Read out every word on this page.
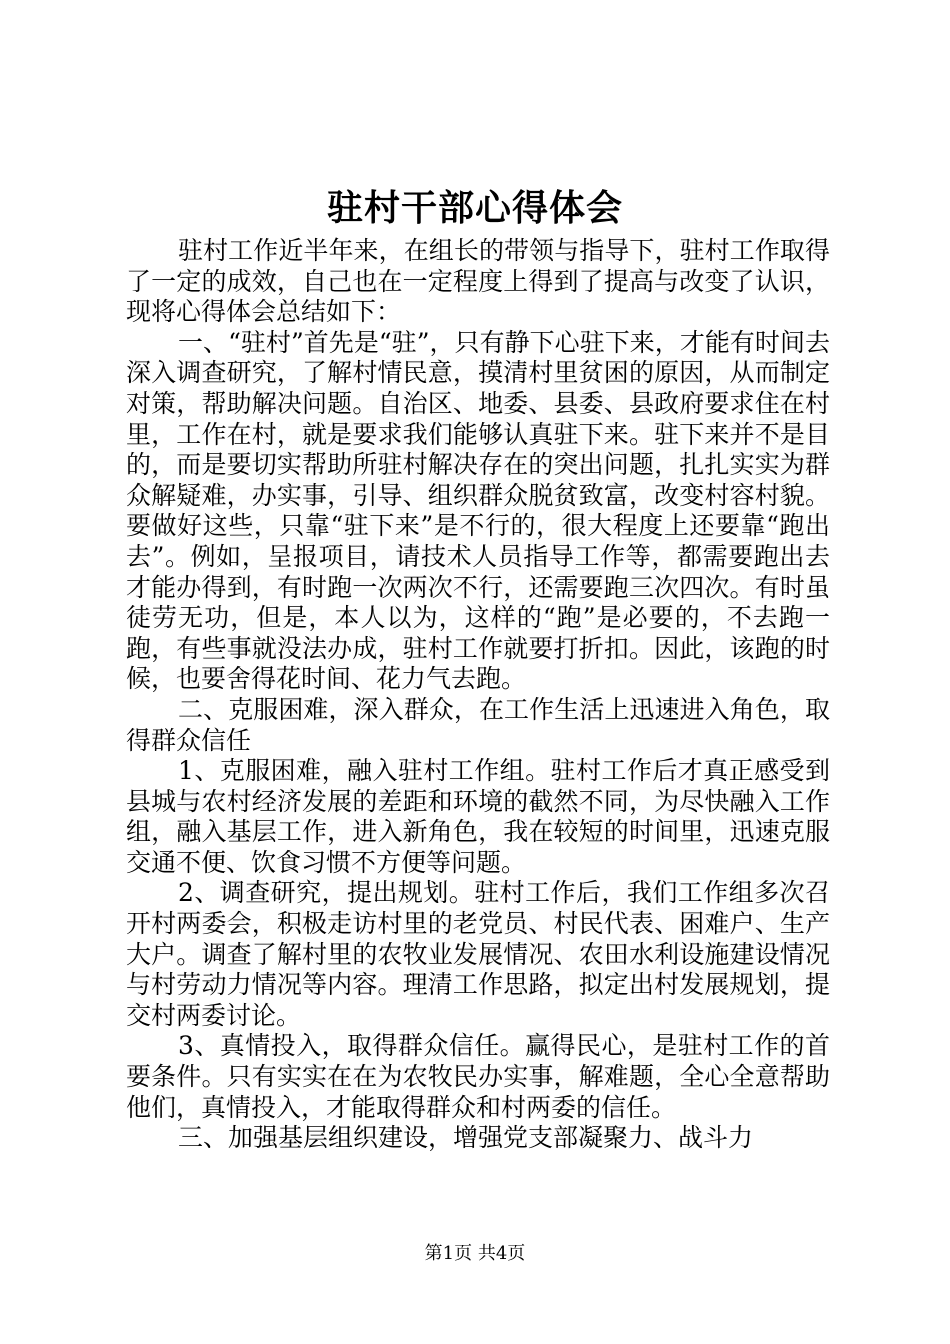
驻村干部心得体会

驻村工作近半年来，在组长的带领与指导下，驻村工作取得了一定的成效，自己也在一定程度上得到了提高与改变了认识，现将心得体会总结如下：

一、“驻村”首先是“驻”，只有静下心驻下来，才能有时间去深入调查研究，了解村情民意，摸清村里贫困的原因，从而制定对策，帮助解决问题。自治区、地委、县委、县政府要求住在村里，工作在村，就是要求我们能够认真驻下来。驻下来并不是目的，而是要切实帮助所驻村解决存在的突出问题，扎扎实实为群众解疑难，办实事，引导、组织群众脱贫致富，改变村容村貌。要做好这些，只靠“驻下来”是不行的，很大程度上还要靠“跑出去”。例如，呈报项目，请技术人员指导工作等，都需要跑出去才能办得到，有时跑一次两次不行，还需要跑三次四次。有时虽徒劳无功，但是，本人以为，这样的“跑”是必要的，不去跑一跑，有些事就没法办成，驻村工作就要打折扣。因此，该跑的时候，也要舍得花时间、花力气去跑。

二、克服困难，深入群众，在工作生活上迅速进入角色，取得群众信任

1、克服困难，融入驻村工作组。驻村工作后才真正感受到县城与农村经济发展的差距和环境的截然不同，为尽快融入工作组，融入基层工作，进入新角色，我在较短的时间里，迅速克服交通不便、饮食习惯不方便等问题。

2、调查研究，提出规划。驻村工作后，我们工作组多次召开村两委会，积极走访村里的老党员、村民代表、困难户、生产大户。调查了解村里的农牧业发展情况、农田水利设施建设情况与村劳动力情况等内容。理清工作思路，拟定出村发展规划，提交村两委讨论。

3、真情投入，取得群众信任。赢得民心，是驻村工作的首要条件。只有实实在在为农牧民办实事，解难题，全心全意帮助他们，真情投入，才能取得群众和村两委的信任。

三、加强基层组织建设，增强党支部凝聚力、战斗力

第1页 共4页
